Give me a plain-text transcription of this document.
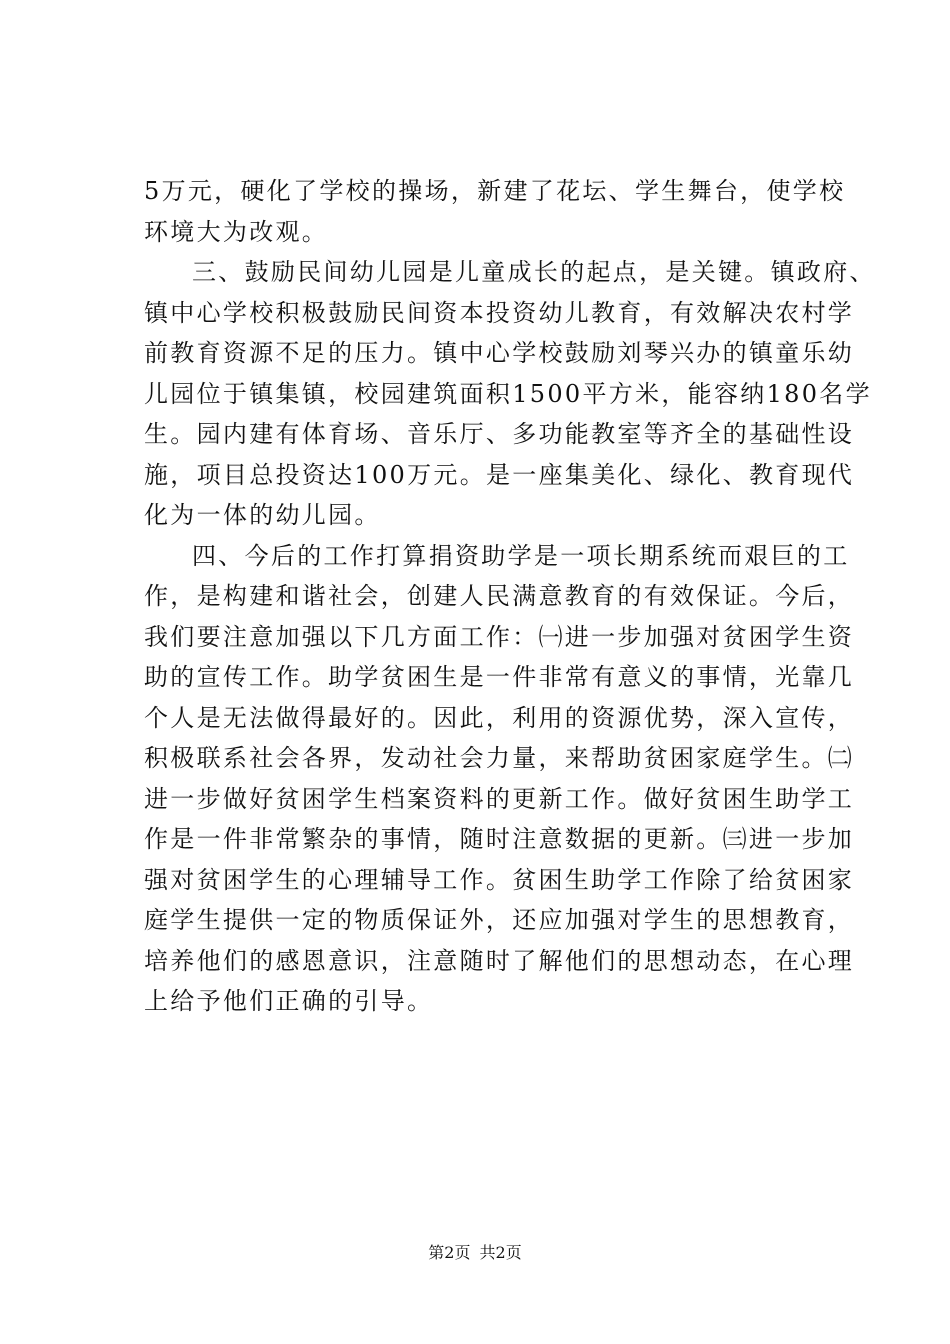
5万元，硬化了学校的操场，新建了花坛、学生舞台，使学校
环境大为改观。
三、鼓励民间幼儿园是儿童成长的起点，是关键。镇政府、
镇中心学校积极鼓励民间资本投资幼儿教育，有效解决农村学
前教育资源不足的压力。镇中心学校鼓励刘琴兴办的镇童乐幼
儿园位于镇集镇，校园建筑面积1500平方米，能容纳180名学
生。园内建有体育场、音乐厅、多功能教室等齐全的基础性设
施，项目总投资达100万元。是一座集美化、绿化、教育现代
化为一体的幼儿园。
四、今后的工作打算捐资助学是一项长期系统而艰巨的工
作，是构建和谐社会，创建人民满意教育的有效保证。今后，
我们要注意加强以下几方面工作：㈠进一步加强对贫困学生资
助的宣传工作。助学贫困生是一件非常有意义的事情，光靠几
个人是无法做得最好的。因此，利用的资源优势，深入宣传，
积极联系社会各界，发动社会力量，来帮助贫困家庭学生。㈡
进一步做好贫困学生档案资料的更新工作。做好贫困生助学工
作是一件非常繁杂的事情，随时注意数据的更新。㈢进一步加
强对贫困学生的心理辅导工作。贫困生助学工作除了给贫困家
庭学生提供一定的物质保证外，还应加强对学生的思想教育，
培养他们的感恩意识，注意随时了解他们的思想动态，在心理
上给予他们正确的引导。
第2页 共2页
